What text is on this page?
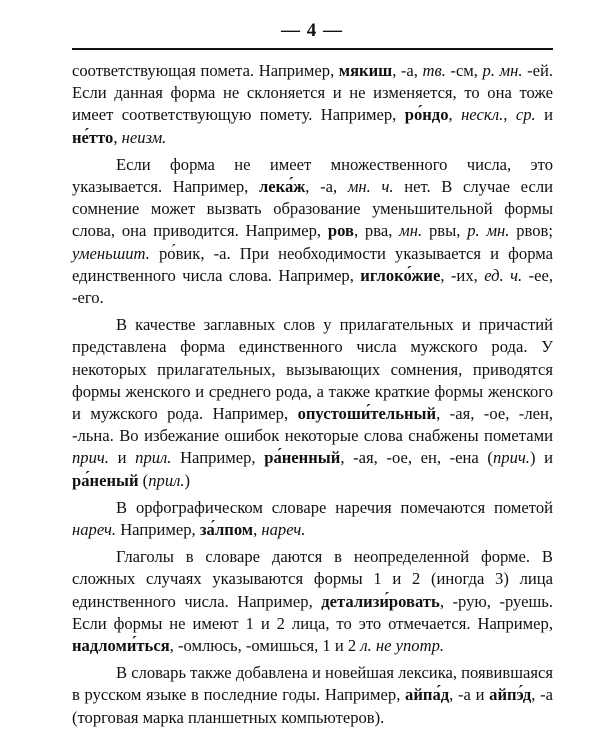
— 4 —

соответствующая помета. Например, мякиш, -а, тв. -см, р. мн. -ей. Если данная форма не склоняется и не изменяется, то она тоже имеет соответствующую помету. Например, ро́ндо, нескл., ср. и не́тто, неизм.

Если форма не имеет множественного числа, это указывается. Например, лека́ж, -а, мн. ч. нет. В случае если сомнение может вызвать образование уменьшительной формы слова, она приводится. Например, ров, рва, мн. рвы, р. мн. рвов; уменьшит. ро́вик, -а. При необходимости указывается и форма единственного числа слова. Например, иглоко́жие, -их, ед. ч. -ее, -его.

В качестве заглавных слов у прилагательных и причастий представлена форма единственного числа мужского рода. У некоторых прилагательных, вызывающих сомнения, приводятся формы женского и среднего рода, а также краткие формы женского и мужского рода. Например, опустоши́тельный, -ая, -ое, -лен, -льна. Во избежание ошибок некоторые слова снабжены пометами прич. и прил. Например, ра́ненный, -ая, -ое, ен, -ена (прич.) и ра́неный (прил.)

В орфографическом словаре наречия помечаются пометой нареч. Например, за́лпом, нареч.

Глаголы в словаре даются в неопределенной форме. В сложных случаях указываются формы 1 и 2 (иногда 3) лица единственного числа. Например, детализи́ровать, -рую, -руешь. Если формы не имеют 1 и 2 лица, то это отмечается. Например, надломи́ться, -омлюсь, -омишься, 1 и 2 л. не употр.

В словарь также добавлена и новейшая лексика, появившаяся в русском языке в последние годы. Например, айпа́д, -а и айпэ́д, -а (торговая марка планшетных компьютеров).
